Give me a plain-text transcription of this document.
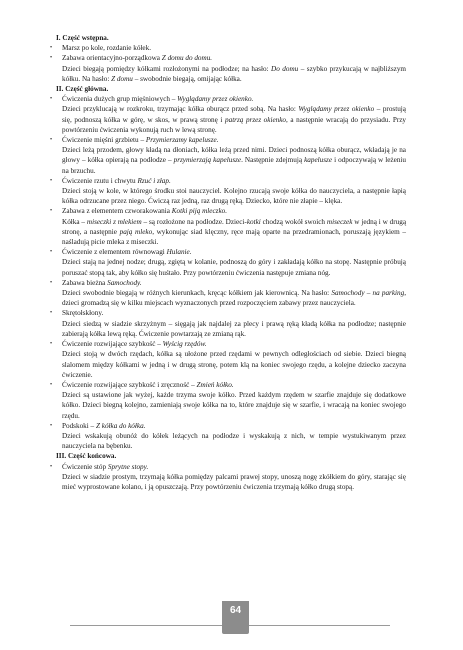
I. Część wstępna.

• Marsz po kole, rozdanie kółek.

• Zabawa orientacyjno-porządkowa Z domu do domu.

Dzieci biegają pomiędzy kółkami rozłożonymi na podłodze; na hasło: Do domu – szybko przykucają w najbliższym kółku. Na hasło: Z domu – swobodnie biegają, omijając kółka.

II. Część główna.

• Ćwiczenia dużych grup mięśniowych – Wyglądamy przez okienko.

Dzieci przyklucają w rozkroku, trzymając kółka oburącz przed sobą. Na hasło: Wyglądamy przez okienko – prostują się, podnoszą kółka w górę, w skos, w prawą stronę i patrzą przez okienko, a następnie wracają do przysiadu. Przy powtórzeniu ćwiczenia wykonują ruch w lewą stronę.

• Ćwiczenie mięśni grzbietu – Przymierzamy kapelusze.

Dzieci leżą przodem, głowy kładą na dłoniach, kółka leżą przed nimi. Dzieci podnoszą kółka oburącz, wkładają je na głowy – kółka opierają na podłodze – przymierzają kapelusze. Następnie zdejmują kapelusze i odpoczywają w leżeniu na brzuchu.

• Ćwiczenie rzutu i chwytu Rzuć i złap.

Dzieci stoją w kole, w którego środku stoi nauczyciel. Kolejno rzucają swoje kółka do nauczyciela, a następnie łapią kółka odrzucane przez niego. Ćwiczą raz jedną, raz drugą ręką. Dziecko, które nie złapie – klęka.

• Zabawa z elementem czworakowania Kotki piją mleczko.

Kółka – miseczki z mlekiem – są rozłożone na podłodze. Dzieci-kotki chodzą wokół swoich miseczek w jedną i w drugą stronę, a następnie pają mleko, wykonując siad klęczny, ręce mają oparte na przedramionach, poruszają językiem – naśladują picie mleka z miseczki.

• Ćwiczenie z elementem równowagi Hulanie.

Dzieci stają na jednej nodze; drugą, zgiętą w kolanie, podnoszą do góry i zakładają kółko na stopę. Następnie próbują poruszać stopą tak, aby kółko się huśtało. Przy powtórzeniu ćwiczenia następuje zmiana nóg.

• Zabawa bieżna Samochody.

Dzieci swobodnie biegają w różnych kierunkach, kręcąc kółkiem jak kierownicą. Na hasło: Samochody – na parking, dzieci gromadzą się w kilku miejscach wyznaczonych przed rozpoczęciem zabawy przez nauczyciela.

• Skrętołskłony.

Dzieci siedzą w siadzie skrzyżnym – sięgają jak najdalej za plecy i prawą ręką kładą kółka na podłodze; następnie zabierają kółka lewą ręką. Ćwiczenie powtarzają ze zmianą rąk.

• Ćwiczenie rozwijające szybkość – Wyścig rzędów.

Dzieci stoją w dwóch rzędach, kółka są ułożone przed rzędami w pewnych odległościach od siebie. Dzieci biegną slalomem między kółkami w jedną i w drugą stronę, potem klą na koniec swojego rzędu, a kolejne dziecko zaczyna ćwiczenie.

• Ćwiczenie rozwijające szybkość i zręczność – Zmień kółko.

Dzieci są ustawione jak wyżej, każde trzyma swoje kółko. Przed każdym rzędem w szarfie znajduje się dodatkowe kółko. Dzieci biegną kolejno, zamieniają swoje kółka na to, które znajduje się w szarfie, i wracają na koniec swojego rzędu.

• Podskoki – Z kółka do kółka.

Dzieci wskakują obunóż do kółek leżących na podłodze i wyskakują z nich, w tempie wystukiwanym przez nauczyciela na bębenku.

III. Część końcowa.

• Ćwiczenie stóp Sprytne stopy.

Dzieci w siadzie prostym, trzymają kółka pomiędzy palcami prawej stopy, unoszą nogę zkółkiem do góry, starając się mieć wyprostowane kolano, i ją opuszczają. Przy powtórzeniu ćwiczenia trzymają kółko drugą stopą.

64
